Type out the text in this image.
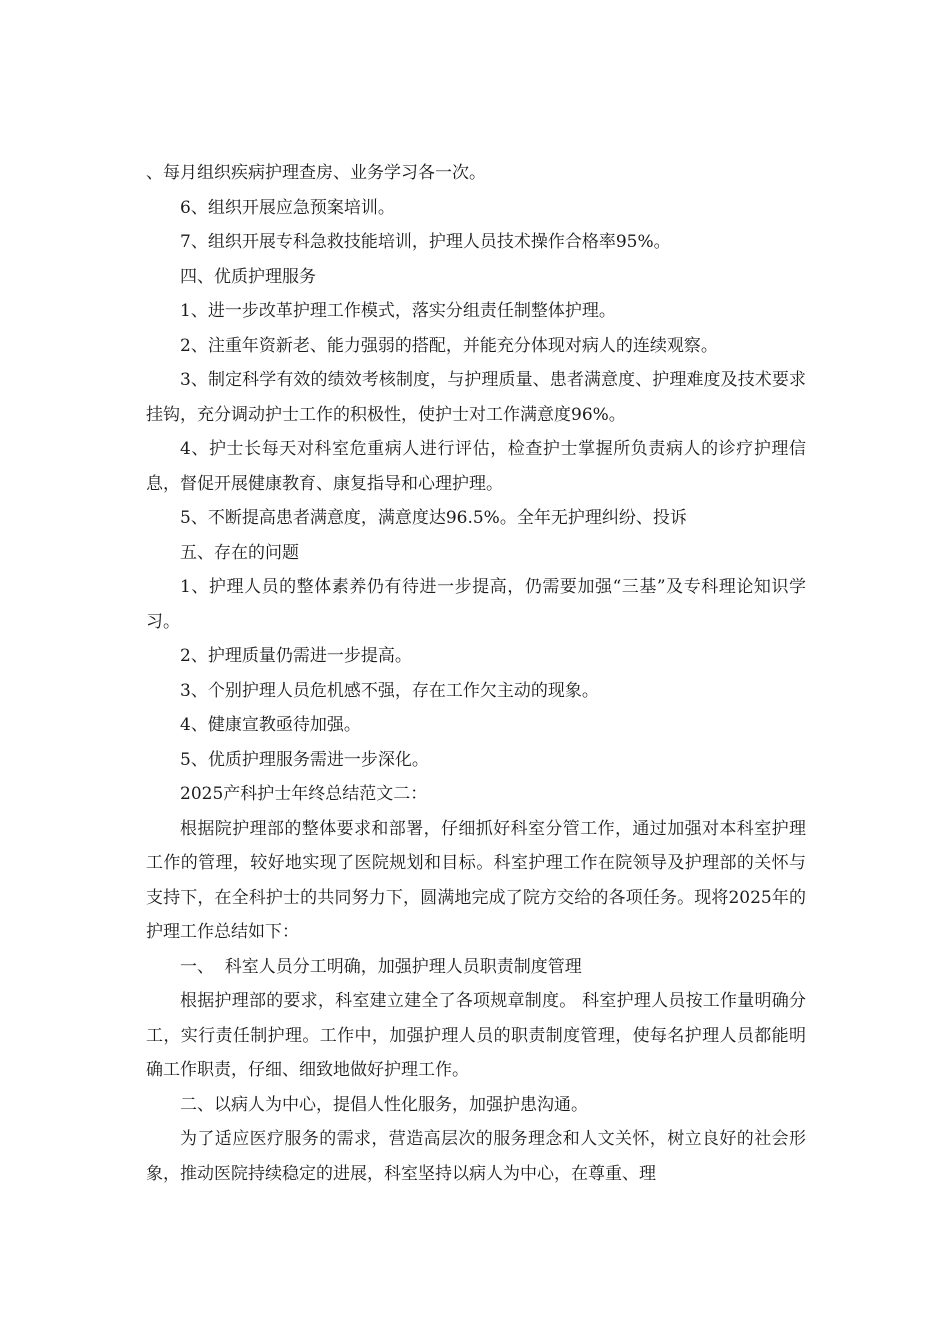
、每月组织疾病护理查房、业务学习各一次。

6、组织开展应急预案培训。

7、组织开展专科急救技能培训，护理人员技术操作合格率95%。

四、优质护理服务

1、进一步改革护理工作模式，落实分组责任制整体护理。

2、注重年资新老、能力强弱的搭配，并能充分体现对病人的连续观察。

3、制定科学有效的绩效考核制度，与护理质量、患者满意度、护理难度及技术要求挂钩，充分调动护士工作的积极性，使护士对工作满意度96%。

4、护士长每天对科室危重病人进行评估，检查护士掌握所负责病人的诊疗护理信息，督促开展健康教育、康复指导和心理护理。

5、不断提高患者满意度，满意度达96.5%。全年无护理纠纷、投诉

五、存在的问题

1、护理人员的整体素养仍有待进一步提高，仍需要加强“三基”及专科理论知识学习。

2、护理质量仍需进一步提高。

3、个别护理人员危机感不强，存在工作欠主动的现象。

4、健康宣教亟待加强。

5、优质护理服务需进一步深化。

2025产科护士年终总结范文二：

根据院护理部的整体要求和部署，仔细抓好科室分管工作，通过加强对本科室护理工作的管理，较好地实现了医院规划和目标。科室护理工作在院领导及护理部的关怀与支持下，在全科护士的共同努力下，圆满地完成了院方交给的各项任务。现将2025年的护理工作总结如下：

一、  科室人员分工明确，加强护理人员职责制度管理

根据护理部的要求，科室建立建全了各项规章制度。 科室护理人员按工作量明确分工，实行责任制护理。工作中，加强护理人员的职责制度管理，使每名护理人员都能明确工作职责，仔细、细致地做好护理工作。

二、以病人为中心，提倡人性化服务，加强护患沟通。

为了适应医疗服务的需求，营造高层次的服务理念和人文关怀，树立良好的社会形象，推动医院持续稳定的进展，科室坚持以病人为中心，在尊重、理
